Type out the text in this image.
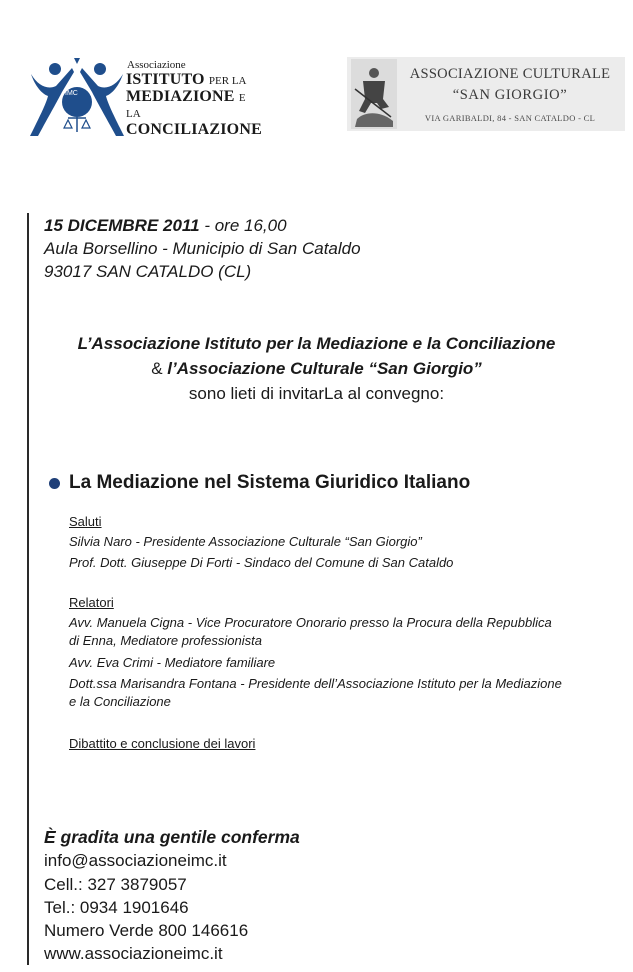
IMC
Associazione
ISTITUTO PER LA
MEDIAZIONE E LA
CONCILIAZIONE
ASSOCIAZIONE CULTURALE
“SAN GIORGIO”
VIA GARIBALDI, 84 - SAN CATALDO - CL
15 DICEMBRE 2011 - ore 16,00
Aula Borsellino - Municipio di San Cataldo
93017 SAN CATALDO (CL)
L’Associazione Istituto per la Mediazione e la Conciliazione
& l’Associazione Culturale “San Giorgio”
sono lieti di invitarLa al convegno:
La Mediazione nel Sistema Giuridico Italiano
Saluti
Silvia Naro - Presidente Associazione Culturale “San Giorgio”
Prof. Dott. Giuseppe Di Forti - Sindaco del Comune di San Cataldo
Relatori
Avv. Manuela Cigna - Vice Procuratore Onorario presso la Procura della Repubblica
di Enna, Mediatore professionista
Avv. Eva Crimi - Mediatore familiare
Dott.ssa Marisandra Fontana - Presidente dell’Associazione Istituto per la Mediazione
e la Conciliazione
Dibattito e conclusione dei lavori
È gradita una gentile conferma
info@associazioneimc.it
Cell.: 327 3879057
Tel.: 0934 1901646
Numero Verde 800 146616
www.associazioneimc.it
